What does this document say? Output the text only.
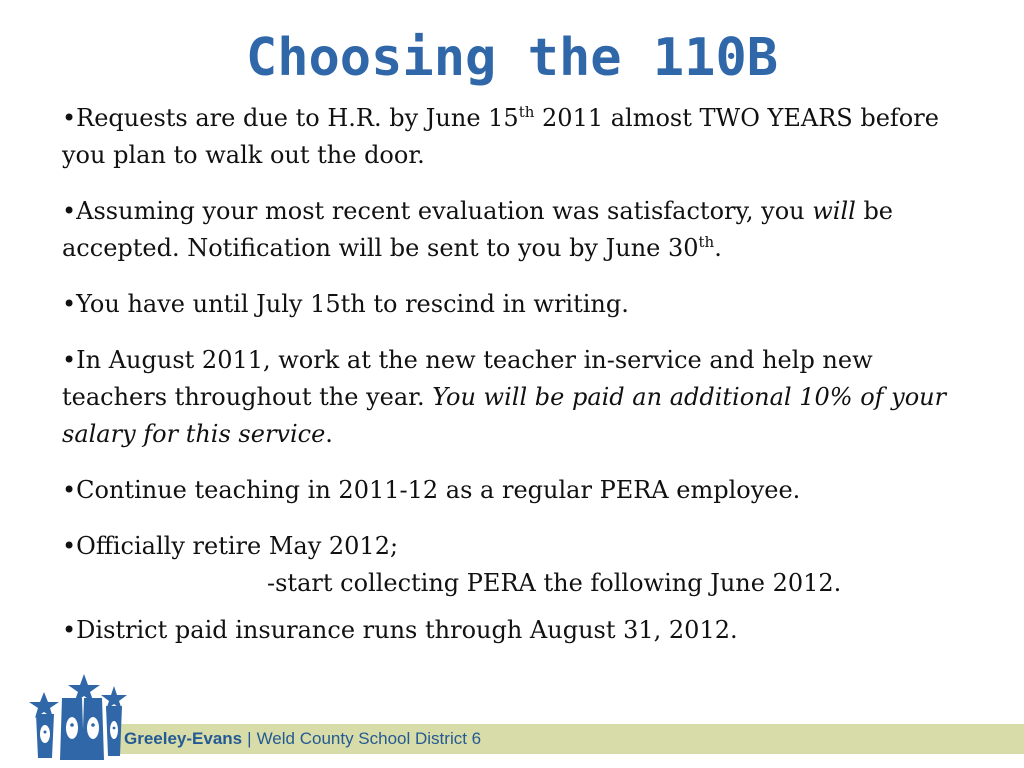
Choosing the 110B

•Requests are due to H.R. by June 15th 2011 almost TWO YEARS before you plan to walk out the door.

•Assuming your most recent evaluation was satisfactory, you will be accepted. Notification will be sent to you by June 30th.

•You have until July 15th to rescind in writing.

•In August 2011, work at the new teacher in-service and help new teachers throughout the year. You will be paid an additional 10% of your salary for this service.

•Continue teaching in 2011-12 as a regular PERA employee.

•Officially retire May 2012;
-start collecting PERA the following June 2012.

•District paid insurance runs through August 31, 2012.

Greeley-Evans | Weld County School District 6
